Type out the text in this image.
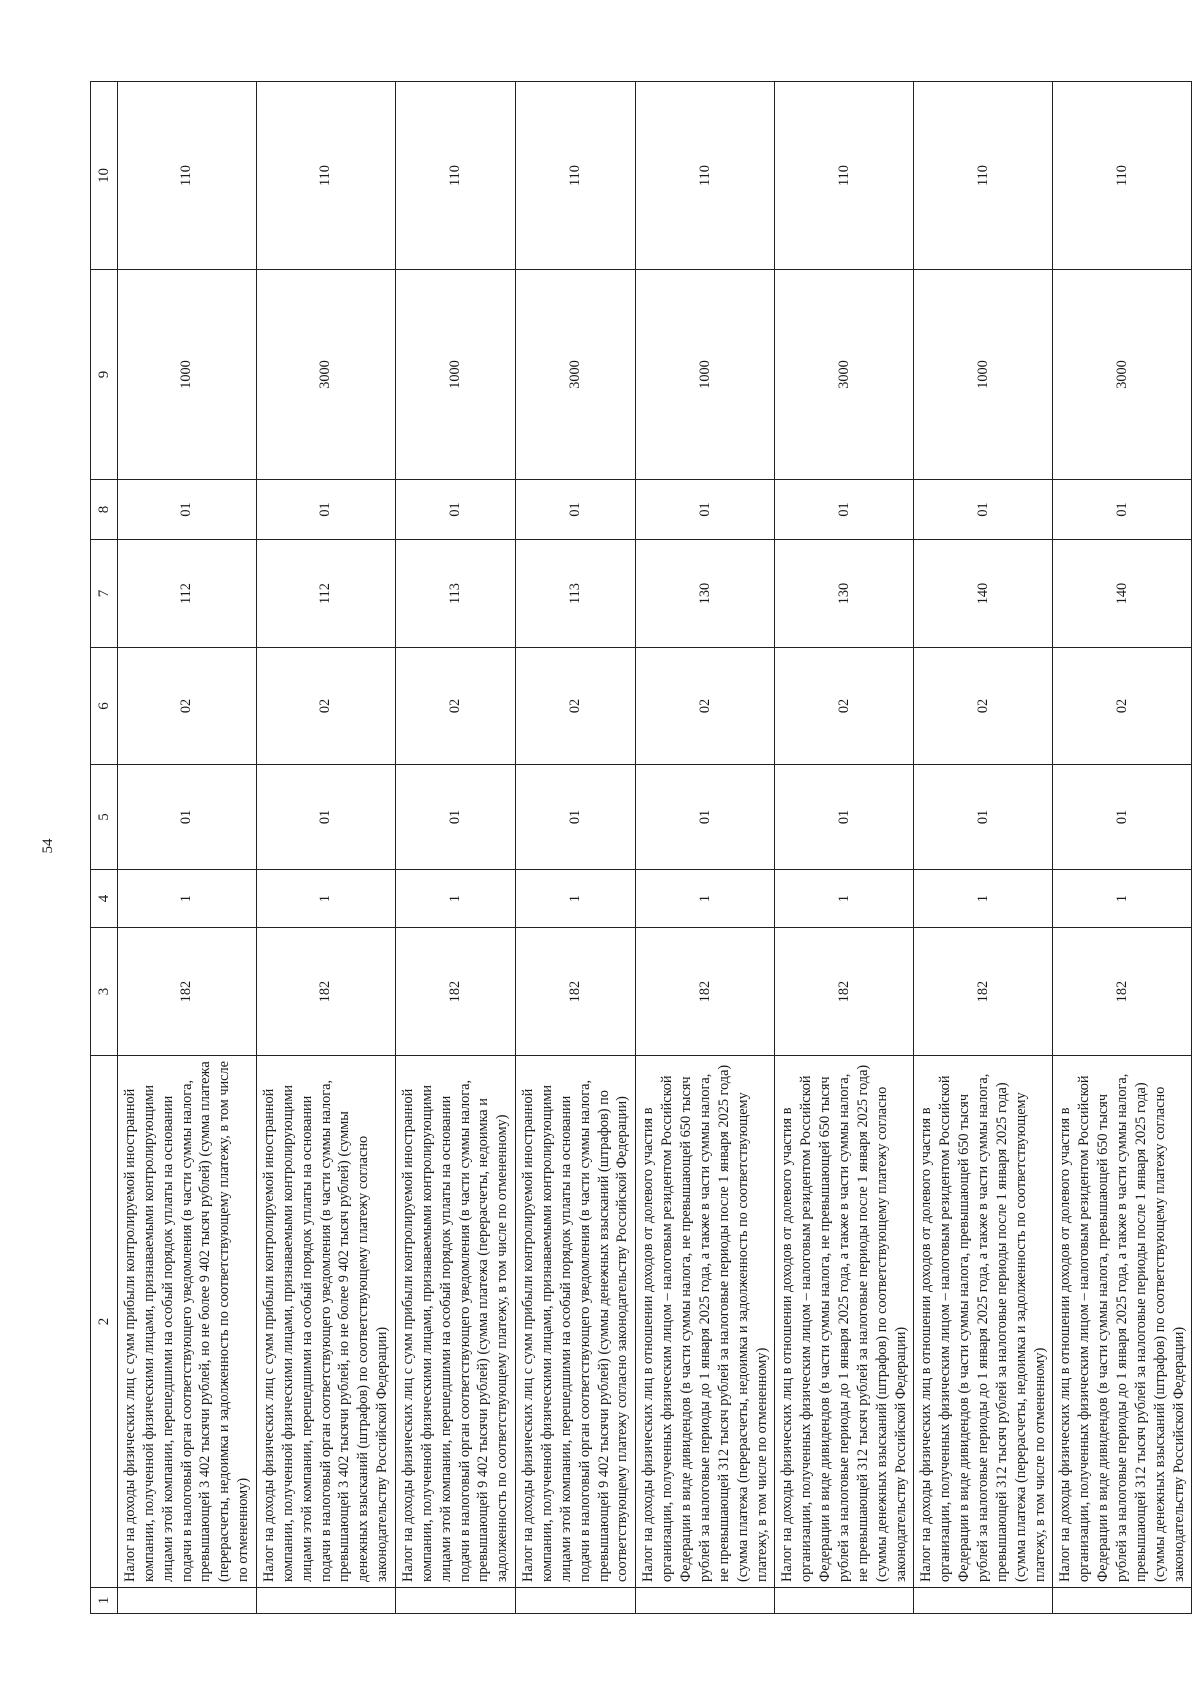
54
1	2	3	4	5	6	7	8	9	10
	Налог на доходы физических лиц с сумм прибыли контролируемой иностранной компании, полученной физическими лицами, признаваемыми контролирующими лицами этой компании, перешедшими на особый порядок уплаты на основании подачи в налоговый орган соответствующего уведомления (в части суммы налога, превышающей 3 402 тысячи рублей, но не более 9 402 тысяч рублей) (сумма платежа (перерасчеты, недоимка и задолженность по соответствующему платежу, в том числе по отмененному)	182	1	01	02	112	01	1000	110
	Налог на доходы физических лиц с сумм прибыли контролируемой иностранной компании, полученной физическими лицами, признаваемыми контролирующими лицами этой компании, перешедшими на особый порядок уплаты на основании подачи в налоговый орган соответствующего уведомления (в части суммы налога, превышающей 3 402 тысячи рублей, но не более 9 402 тысяч рублей) (суммы денежных взысканий (штрафов) по соответствующему платежу согласно законодательству Российской Федерации)	182	1	01	02	112	01	3000	110
	Налог на доходы физических лиц с сумм прибыли контролируемой иностранной компании, полученной физическими лицами, признаваемыми контролирующими лицами этой компании, перешедшими на особый порядок уплаты на основании подачи в налоговый орган соответствующего уведомления (в части суммы налога, превышающей 9 402 тысячи рублей) (сумма платежа (перерасчеты, недоимка и задолженность по соответствующему платежу, в том числе по отмененному)	182	1	01	02	113	01	1000	110
	Налог на доходы физических лиц с сумм прибыли контролируемой иностранной компании, полученной физическими лицами, признаваемыми контролирующими лицами этой компании, перешедшими на особый порядок уплаты на основании подачи в налоговый орган соответствующего уведомления (в части суммы налога, превышающей 9 402 тысячи рублей) (суммы денежных взысканий (штрафов) по соответствующему платежу согласно законодательству Российской Федерации)	182	1	01	02	113	01	3000	110
	Налог на доходы физических лиц в отношении доходов от долевого участия в организации, полученных физическим лицом – налоговым резидентом Российской Федерации в виде дивидендов (в части суммы налога, не превышающей 650 тысяч рублей за налоговые периоды до 1 января 2025 года, а также в части суммы налога, не превышающей 312 тысяч рублей за налоговые периоды после 1 января 2025 года) (сумма платежа (перерасчеты, недоимка и задолженность по соответствующему платежу, в том числе по отмененному)	182	1	01	02	130	01	1000	110
	Налог на доходы физических лиц в отношении доходов от долевого участия в организации, полученных физическим лицом – налоговым резидентом Российской Федерации в виде дивидендов (в части суммы налога, не превышающей 650 тысяч рублей за налоговые периоды до 1 января 2025 года, а также в части суммы налога, не превышающей 312 тысяч рублей за налоговые периоды после 1 января 2025 года) (суммы денежных взысканий (штрафов) по соответствующему платежу согласно законодательству Российской Федерации)	182	1	01	02	130	01	3000	110
	Налог на доходы физических лиц в отношении доходов от долевого участия в организации, полученных физическим лицом – налоговым резидентом Российской Федерации в виде дивидендов (в части суммы налога, превышающей 650 тысяч рублей за налоговые периоды до 1 января 2025 года, а также в части суммы налога, превышающей 312 тысяч рублей за налоговые периоды после 1 января 2025 года) (сумма платежа (перерасчеты, недоимка и задолженность по соответствующему платежу, в том числе по отмененному)	182	1	01	02	140	01	1000	110
	Налог на доходы физических лиц в отношении доходов от долевого участия в организации, полученных физическим лицом – налоговым резидентом Российской Федерации в виде дивидендов (в части суммы налога, превышающей 650 тысяч рублей за налоговые периоды до 1 января 2025 года, а также в части суммы налога, превышающей 312 тысяч рублей за налоговые периоды после 1 января 2025 года) (суммы денежных взысканий (штрафов) по соответствующему платежу согласно законодательству Российской Федерации)	182	1	01	02	140	01	3000	110
